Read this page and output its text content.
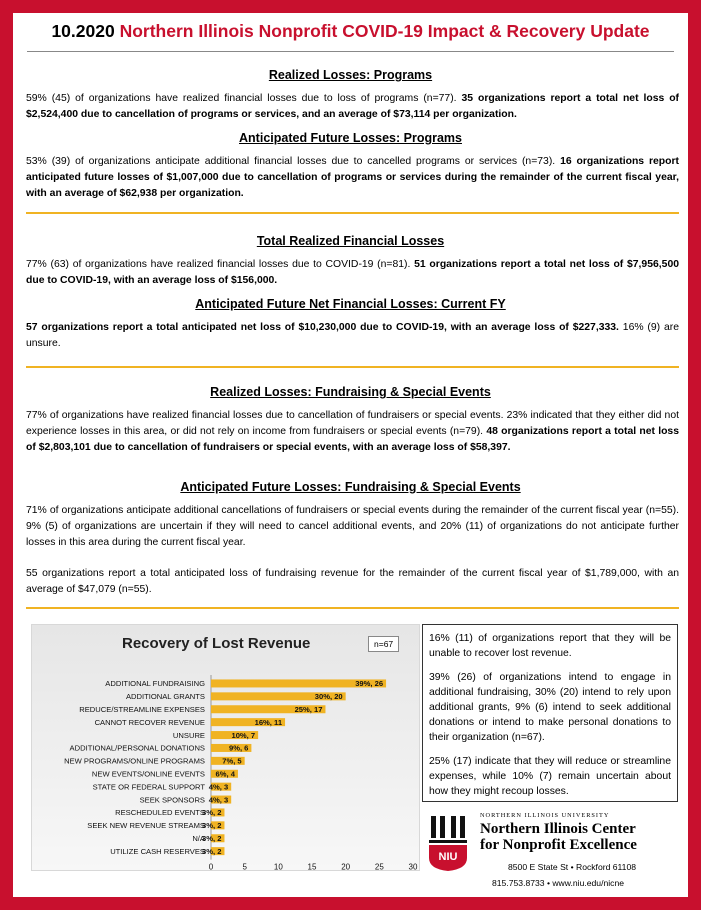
10.2020 Northern Illinois Nonprofit COVID-19 Impact & Recovery Update
Realized Losses: Programs
59% (45) of organizations have realized financial losses due to loss of programs (n=77). 35 organizations report a total net loss of $2,524,400 due to cancellation of programs or services, and an average of $73,114 per organization.
Anticipated Future Losses: Programs
53% (39) of organizations anticipate additional financial losses due to cancelled programs or services (n=73). 16 organizations report anticipated future losses of $1,007,000 due to cancellation of programs or services during the remainder of the current fiscal year, with an average of $62,938 per organization.
Total Realized Financial Losses
77% (63) of organizations have realized financial losses due to COVID-19 (n=81). 51 organizations report a total net loss of $7,956,500 due to COVID-19, with an average loss of $156,000.
Anticipated Future Net Financial Losses: Current FY
57 organizations report a total anticipated net loss of $10,230,000 due to COVID-19, with an average loss of $227,333. 16% (9) are unsure.
Realized Losses: Fundraising & Special Events
77% of organizations have realized financial losses due to cancellation of fundraisers or special events. 23% indicated that they either did not experience losses in this area, or did not rely on income from fundraisers or special events (n=79). 48 organizations report a total net loss of $2,803,101 due to cancellation of fundraisers or special events, with an average loss of $58,397.
Anticipated Future Losses: Fundraising & Special Events
71% of organizations anticipate additional cancellations of fundraisers or special events during the remainder of the current fiscal year (n=55). 9% (5) of organizations are uncertain if they will need to cancel additional events, and 20% (11) of organizations do not anticipate further losses in this area during the current fiscal year.
55 organizations report a total anticipated loss of fundraising revenue for the remainder of the current fiscal year of $1,789,000, with an average of $47,079 (n=55).
Recovery of Lost Revenue	n=67
ADDITIONAL FUNDRAISING	39%, 26
ADDITIONAL GRANTS	30%, 20
REDUCE/STREAMLINE EXPENSES	25%, 17
CANNOT RECOVER REVENUE	16%, 11
UNSURE	10%, 7
ADDITIONAL/PERSONAL DONATIONS	9%, 6
NEW PROGRAMS/ONLINE PROGRAMS 7%, 5
NEW EVENTS/ONLINE EVENTS 6%, 4
STATE OR FEDERAL SUPPORT 4%, 3
SEEK SPONSORS 4%, 3
RESCHEDULED EVENTS
3%, 2
SEEK NEW REVENUE STREAMS
3%, 2
N/A
3%, 2
UTILIZE CASH RESERVES
3%, 2
0	5	10	15	20	25	30

16% (11) of organizations report that they will be unable to recover lost revenue.

39% (26) of organizations intend to engage in additional fundraising, 30% (20) intend to rely upon additional grants, 9% (6) intend to seek additional donations or intend to make personal donations to their organization (n=67).

25% (17) indicate that they will reduce or streamline expenses, while 10% (7) remain uncertain about how they might recoup losses.

NIU
NORTHERN ILLINOIS UNIVERSITY
Northern Illinois Center
for Nonprofit Excellence
8500 E State St • Rockford 61108
815.753.8733 • www.niu.edu/nicne
